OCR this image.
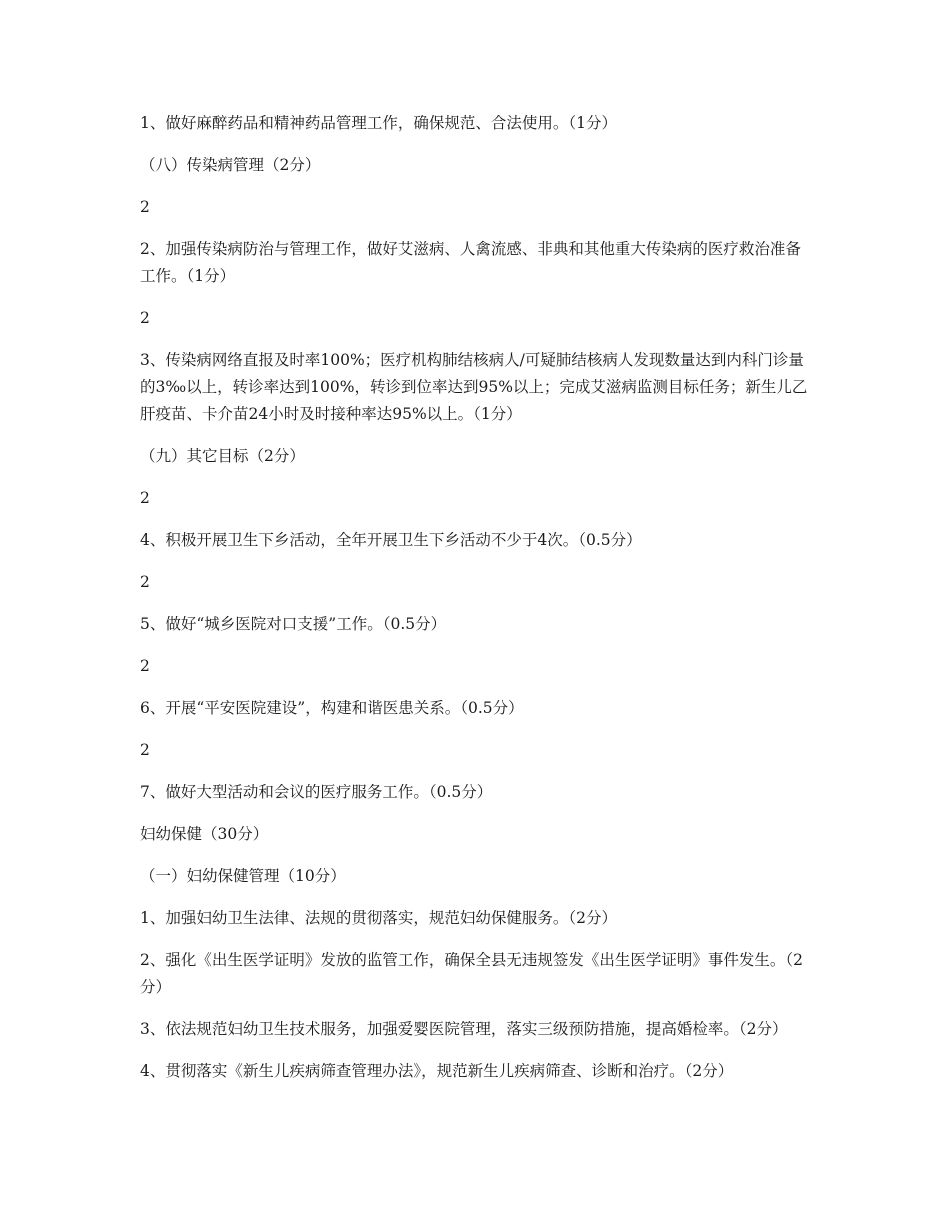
1、做好麻醉药品和精神药品管理工作，确保规范、合法使用。（1分）

（八）传染病管理（2分）

2

2、加强传染病防治与管理工作，做好艾滋病、人禽流感、非典和其他重大传染病的医疗救治准备工作。（1分）

2

3、传染病网络直报及时率100%；医疗机构肺结核病人/可疑肺结核病人发现数量达到内科门诊量的3‰以上，转诊率达到100%，转诊到位率达到95%以上；完成艾滋病监测目标任务；新生儿乙肝疫苗、卡介苗24小时及时接种率达95%以上。（1分）

（九）其它目标（2分）

2

4、积极开展卫生下乡活动，全年开展卫生下乡活动不少于4次。（0.5分）

2

5、做好“城乡医院对口支援”工作。（0.5分）

2

6、开展“平安医院建设”，构建和谐医患关系。（0.5分）

2

7、做好大型活动和会议的医疗服务工作。（0.5分）

妇幼保健（30分）

（一）妇幼保健管理（10分）

1、加强妇幼卫生法律、法规的贯彻落实，规范妇幼保健服务。（2分）

2、强化《出生医学证明》发放的监管工作，确保全县无违规签发《出生医学证明》事件发生。（2分）

3、依法规范妇幼卫生技术服务，加强爱婴医院管理，落实三级预防措施，提高婚检率。（2分）

4、贯彻落实《新生儿疾病筛查管理办法》，规范新生儿疾病筛查、诊断和治疗。（2分）
